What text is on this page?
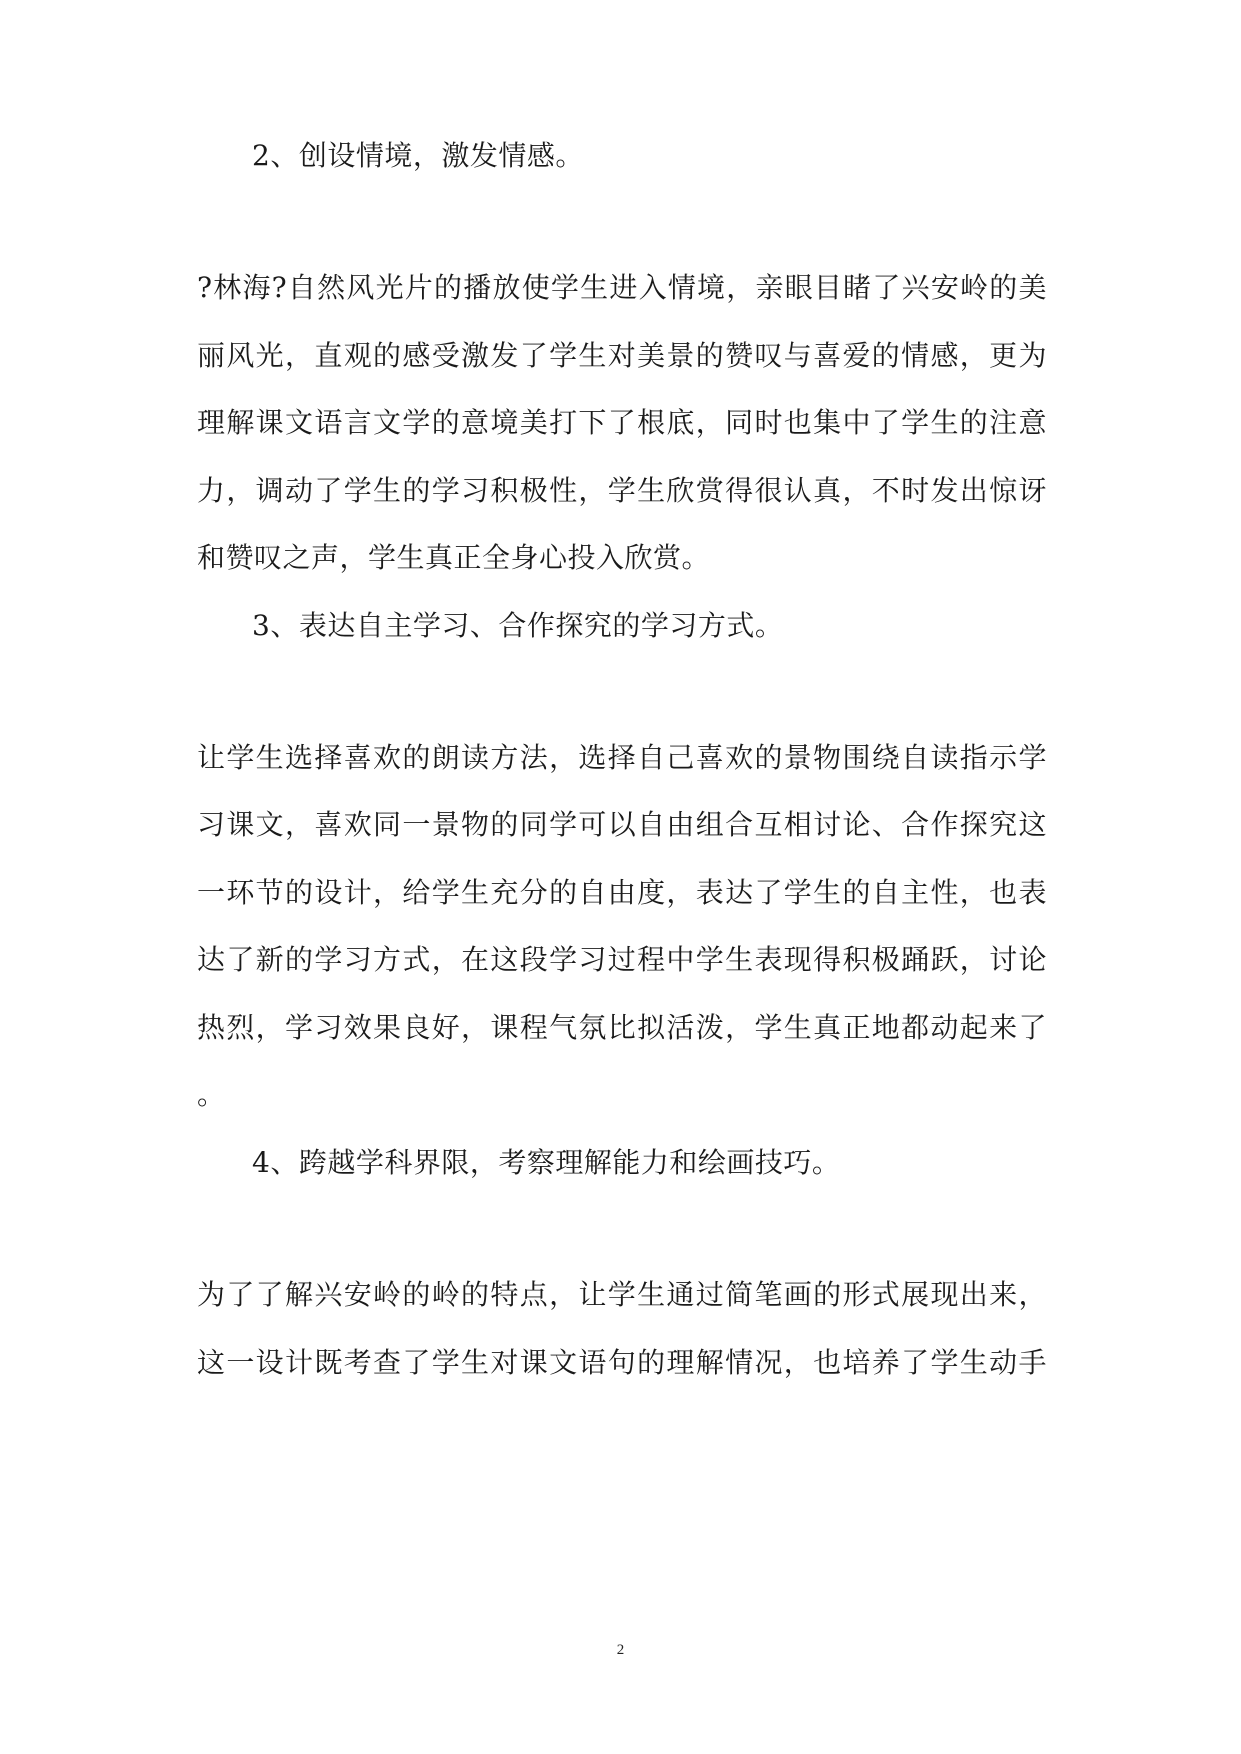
2、创设情境，激发情感。

?林海?自然风光片的播放使学生进入情境，亲眼目睹了兴安岭的美

丽风光，直观的感受激发了学生对美景的赞叹与喜爱的情感，更为

理解课文语言文学的意境美打下了根底，同时也集中了学生的注意

力，调动了学生的学习积极性，学生欣赏得很认真，不时发出惊讶

和赞叹之声，学生真正全身心投入欣赏。

3、表达自主学习、合作探究的学习方式。

让学生选择喜欢的朗读方法，选择自己喜欢的景物围绕自读指示学

习课文，喜欢同一景物的同学可以自由组合互相讨论、合作探究这

一环节的设计，给学生充分的自由度，表达了学生的自主性，也表

达了新的学习方式，在这段学习过程中学生表现得积极踊跃，讨论

热烈，学习效果良好，课程气氛比拟活泼，学生真正地都动起来了

。

4、跨越学科界限，考察理解能力和绘画技巧。

为了了解兴安岭的岭的特点，让学生通过简笔画的形式展现出来，

这一设计既考查了学生对课文语句的理解情况，也培养了学生动手

2
